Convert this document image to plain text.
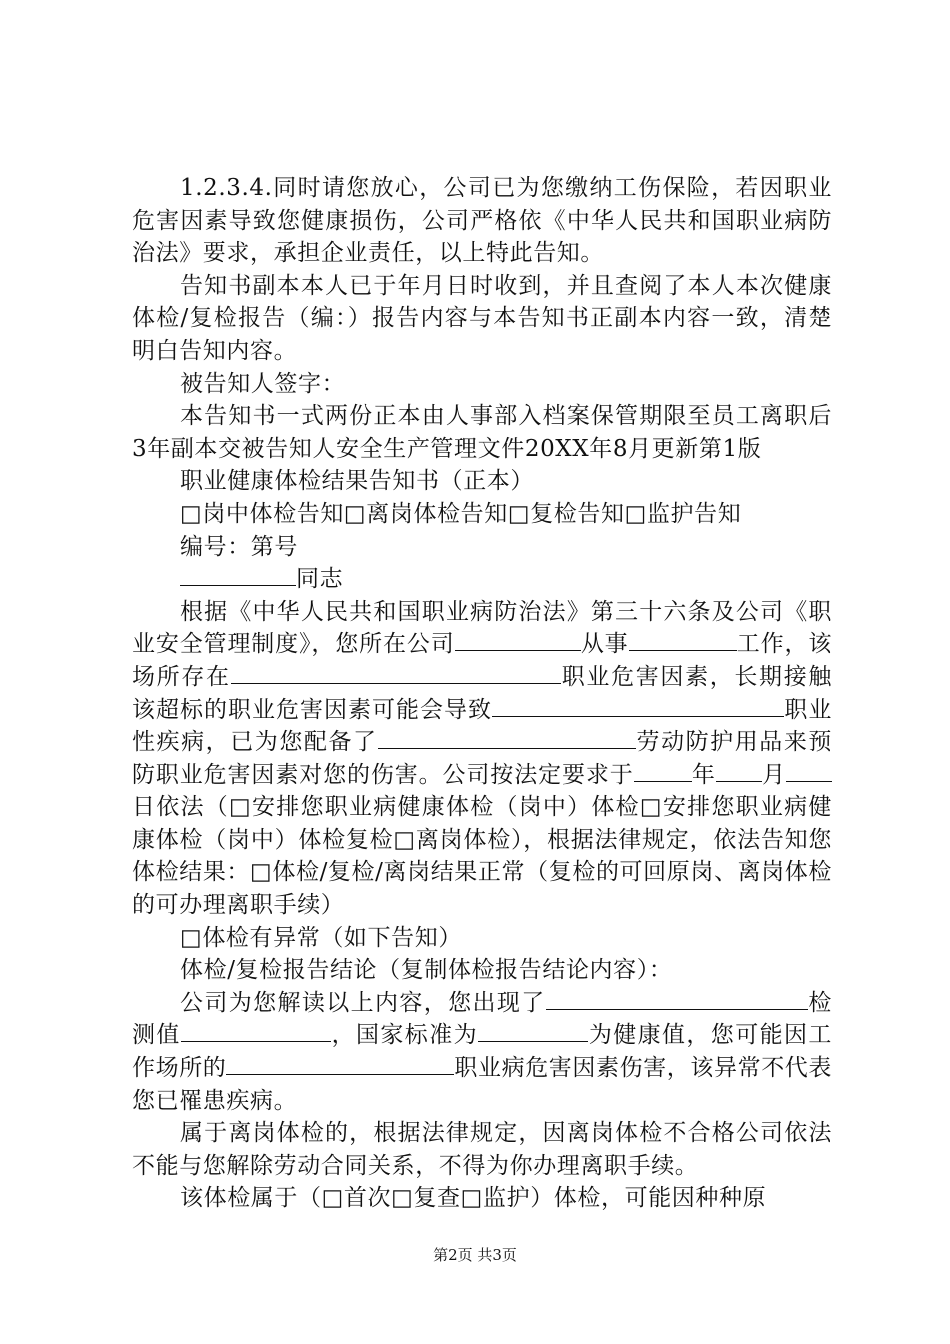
1.2.3.4.同时请您放心，公司已为您缴纳工伤保险，若因职业危害因素导致您健康损伤，公司严格依《中华人民共和国职业病防治法》要求，承担企业责任，以上特此告知。

告知书副本本人已于年月日时收到，并且查阅了本人本次健康体检/复检报告（编：）报告内容与本告知书正副本内容一致，清楚明白告知内容。

被告知人签字：

本告知书一式两份正本由人事部入档案保管期限至员工离职后3年副本交被告知人安全生产管理文件20XX年8月更新第1版

职业健康体检结果告知书（正本）

□岗中体检告知□离岗体检告知□复检告知□监护告知

编号：第号

同志

根据《中华人民共和国职业病防治法》第三十六条及公司《职业安全管理制度》，您所在公司	从事	工作，该场所存在	职业危害因素，长期接触该超标的职业危害因素可能会导致	职业性疾病，已为您配备了	劳动防护用品来预防职业危害因素对您的伤害。公司按法定要求于	年 月日依法（□安排您职业病健康体检（岗中）体检□安排您职业病健康体检（岗中）体检复检□离岗体检），根据法律规定，依法告知您体检结果：□体检/复检/离岗结果正常（复检的可回原岗、离岗体检的可办理离职手续）

□体检有异常（如下告知）

体检/复检报告结论（复制体检报告结论内容）：

公司为您解读以上内容，您出现了	检测值	，国家标准为	为健康值，您可能因工作场所的	职业病危害因素伤害，该异常不代表您已罹患疾病。

属于离岗体检的，根据法律规定，因离岗体检不合格公司依法不能与您解除劳动合同关系，不得为你办理离职手续。

该体检属于（□首次□复查□监护）体检，可能因种种原

第2页 共3页
